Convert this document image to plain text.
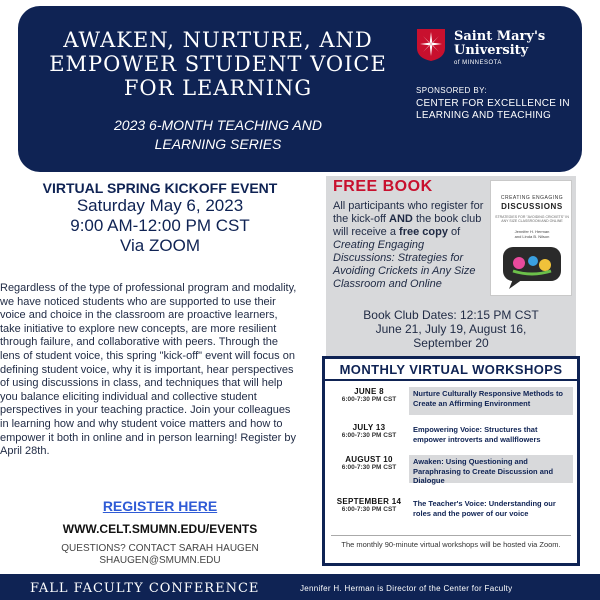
AWAKEN, NURTURE, AND
EMPOWER STUDENT VOICE
FOR LEARNING
2023 6-MONTH TEACHING AND
LEARNING SERIES
Saint Mary's
University
of MINNESOTA
SPONSORED BY:
CENTER FOR EXCELLENCE IN
LEARNING AND TEACHING
VIRTUAL SPRING KICKOFF EVENT
Saturday May 6, 2023
9:00 AM-12:00 PM CST
Via ZOOM
Regardless of the type of professional program and modality, we have noticed students who are supported to use their voice and choice in the classroom are proactive learners, take initiative to explore new concepts, are more resilient through failure, and collaborative with peers. Through the lens of student voice, this spring "kick-off" event will focus on defining student voice, why it is important, hear perspectives of using discussions in class, and techniques that will help you balance eliciting individual and collective student perspectives in your teaching practice. Join your colleagues in learning how and why student voice matters and how to empower it both in online and in person learning! Register by April 28th.
REGISTER HERE
WWW.CELT.SMUMN.EDU/EVENTS
QUESTIONS? CONTACT SARAH HAUGEN
SHAUGEN@SMUMN.EDU
FREE BOOK
All participants who register for the kick-off AND the book club will receive a free copy of Creating Engaging Discussions: Strategies for Avoiding Crickets in Any Size Classroom and Online
CREATING ENGAGING
DISCUSSIONS
STRATEGIES FOR "AVOIDING CRICKETS" IN ANY SIZE CLASSROOM AND ONLINE
Jennifer H. Herman
and Linda B. Nilson
Book Club Dates: 12:15 PM CST
June 21, July 19, August 16,
September 20
MONTHLY VIRTUAL WORKSHOPS
JUNE 8
6:00-7:30 PM CST
Nurture Culturally Responsive Methods to Create an Affirming Environment
JULY 13
6:00-7:30 PM CST
Empowering Voice: Structures that empower introverts and wallflowers
AUGUST 10
6:00-7:30 PM CST
Awaken: Using Questioning and Paraphrasing to Create Discussion and Dialogue
SEPTEMBER 14
6:00-7:30 PM CST
The Teacher's Voice: Understanding our roles and the power of our voice
The monthly 90-minute virtual workshops will be hosted via Zoom.
FALL FACULTY CONFERENCE	Jennifer H. Herman is Director of the Center for Faculty
